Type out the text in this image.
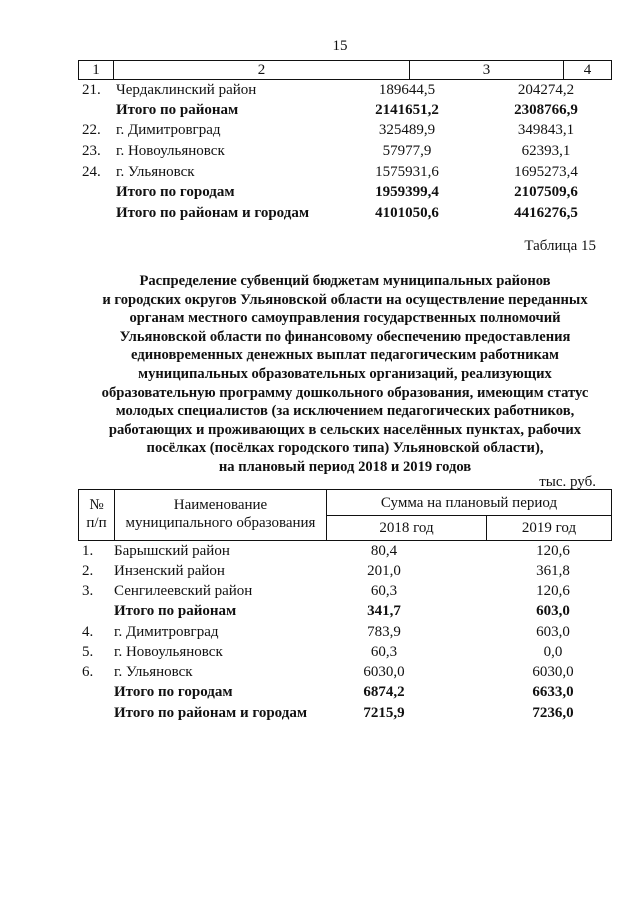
15
1	2	3	4
21.	Чердаклинский район	189644,5	204274,2
Итого по районам	2141651,2	2308766,9
22.	г. Димитровград	325489,9	349843,1
23.	г. Новоульяновск	57977,9	62393,1
24.	г. Ульяновск	1575931,6	1695273,4
Итого по городам	1959399,4	2107509,6
Итого по районам и городам	4101050,6	4416276,5
Таблица 15
Распределение субвенций бюджетам муниципальных районов
и городских округов Ульяновской области на осуществление переданных
органам местного самоуправления государственных полномочий
Ульяновской области по финансовому обеспечению предоставления
единовременных денежных выплат педагогическим работникам
муниципальных образовательных организаций, реализующих
образовательную программу дошкольного образования, имеющим статус
молодых специалистов (за исключением педагогических работников,
работающих и проживающих в сельских населённых пунктах, рабочих
посёлках (посёлках городского типа) Ульяновской области),
на плановый период 2018 и 2019 годов
тыс. руб.
№
п/п
Наименование
муниципального образования
Сумма на плановый период
2018 год	2019 год
1.	Барышский район	80,4	120,6
2.	Инзенский район	201,0	361,8
3.	Сенгилеевский район	60,3	120,6
Итого по районам	341,7	603,0
4.	г. Димитровград	783,9	603,0
5.	г. Новоульяновск	60,3	0,0
6.	г. Ульяновск	6030,0	6030,0
Итого по городам	6874,2	6633,0
Итого по районам и городам	7215,9	7236,0
